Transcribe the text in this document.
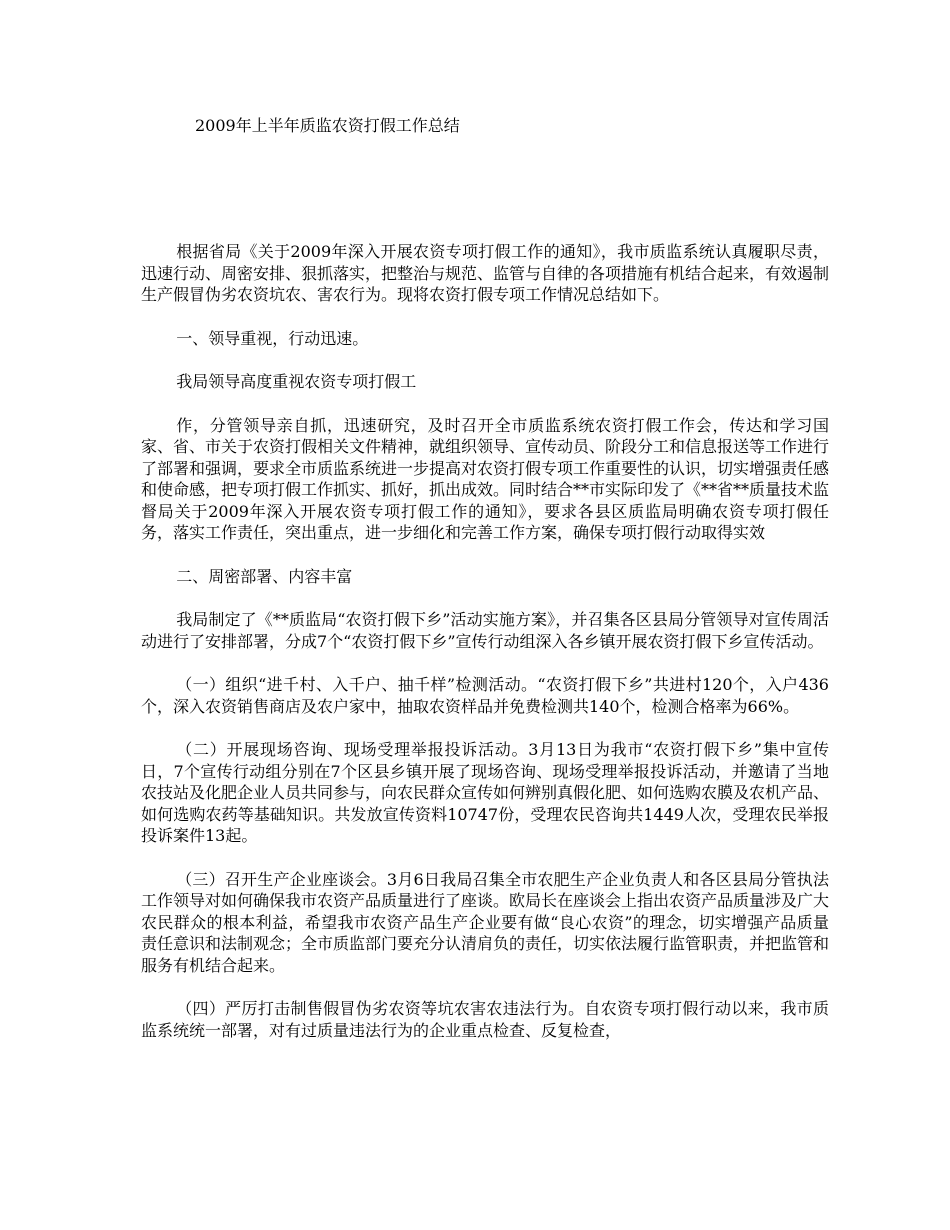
2009年上半年质监农资打假工作总结

根据省局《关于2009年深入开展农资专项打假工作的通知》，我市质监系统认真履职尽责，迅速行动、周密安排、狠抓落实，把整治与规范、监管与自律的各项措施有机结合起来，有效遏制生产假冒伪劣农资坑农、害农行为。现将农资打假专项工作情况总结如下。

一、领导重视，行动迅速。

我局领导高度重视农资专项打假工

作，分管领导亲自抓，迅速研究，及时召开全市质监系统农资打假工作会，传达和学习国家、省、市关于农资打假相关文件精神，就组织领导、宣传动员、阶段分工和信息报送等工作进行了部署和强调，要求全市质监系统进一步提高对农资打假专项工作重要性的认识，切实增强责任感和使命感，把专项打假工作抓实、抓好，抓出成效。同时结合**市实际印发了《**省**质量技术监督局关于2009年深入开展农资专项打假工作的通知》，要求各县区质监局明确农资专项打假任务，落实工作责任，突出重点，进一步细化和完善工作方案，确保专项打假行动取得实效

二、周密部署、内容丰富

我局制定了《**质监局“农资打假下乡”活动实施方案》，并召集各区县局分管领导对宣传周活动进行了安排部署，分成7个“农资打假下乡”宣传行动组深入各乡镇开展农资打假下乡宣传活动。

（一）组织“进千村、入千户、抽千样”检测活动。“农资打假下乡”共进村120个，入户436个，深入农资销售商店及农户家中，抽取农资样品并免费检测共140个，检测合格率为66%。

（二）开展现场咨询、现场受理举报投诉活动。3月13日为我市“农资打假下乡”集中宣传日，7个宣传行动组分别在7个区县乡镇开展了现场咨询、现场受理举报投诉活动，并邀请了当地农技站及化肥企业人员共同参与，向农民群众宣传如何辨别真假化肥、如何选购农膜及农机产品、如何选购农药等基础知识。共发放宣传资料10747份，受理农民咨询共1449人次，受理农民举报投诉案件13起。

（三）召开生产企业座谈会。3月6日我局召集全市农肥生产企业负责人和各区县局分管执法工作领导对如何确保我市农资产品质量进行了座谈。欧局长在座谈会上指出农资产品质量涉及广大农民群众的根本利益，希望我市农资产品生产企业要有做“良心农资”的理念，切实增强产品质量责任意识和法制观念；全市质监部门要充分认清肩负的责任，切实依法履行监管职责，并把监管和服务有机结合起来。

（四）严厉打击制售假冒伪劣农资等坑农害农违法行为。自农资专项打假行动以来，我市质监系统统一部署，对有过质量违法行为的企业重点检查、反复检查，
